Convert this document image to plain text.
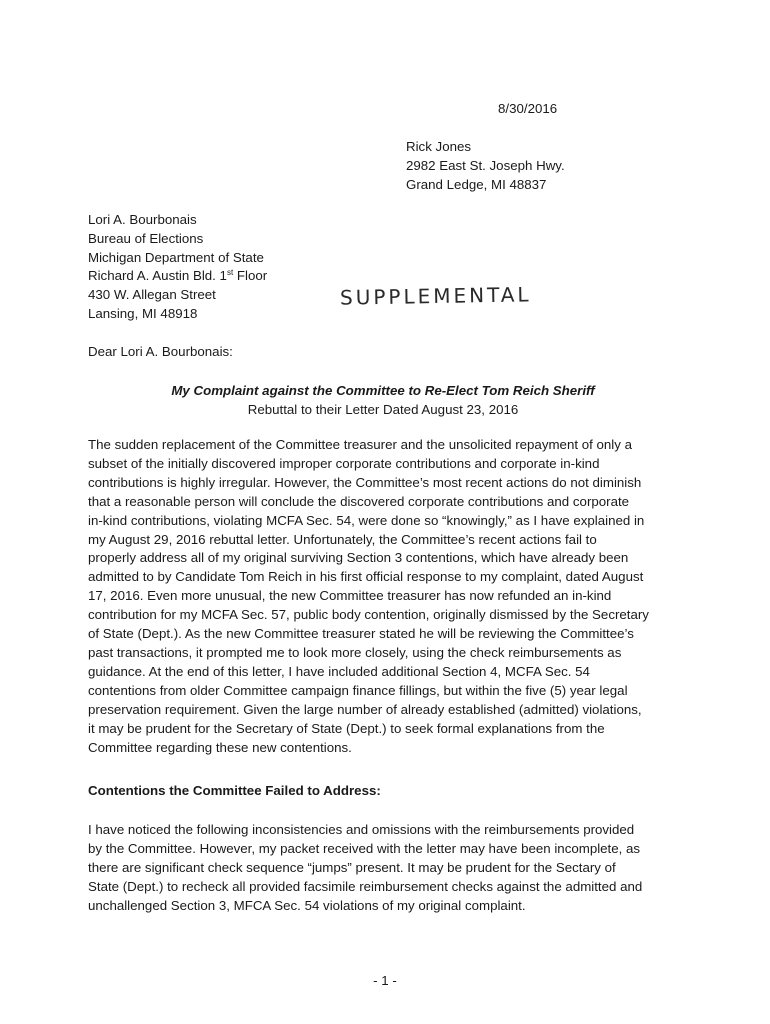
8/30/2016
Rick Jones
2982 East St. Joseph Hwy.
Grand Ledge, MI 48837
Lori A. Bourbonais
Bureau of Elections
Michigan Department of State
Richard A. Austin Bld. 1st Floor
430 W. Allegan Street
Lansing, MI 48918
SUPPLEMENTAL
Dear Lori A. Bourbonais:
My Complaint against the Committee to Re-Elect Tom Reich Sheriff
Rebuttal to their Letter Dated August 23, 2016
The sudden replacement of the Committee treasurer and the unsolicited repayment of only a
subset of the initially discovered improper corporate contributions and corporate in-kind
contributions is highly irregular. However, the Committee’s most recent actions do not diminish
that a reasonable person will conclude the discovered corporate contributions and corporate
in-kind contributions, violating MCFA Sec. 54, were done so “knowingly,” as I have explained in
my August 29, 2016 rebuttal letter. Unfortunately, the Committee’s recent actions fail to
properly address all of my original surviving Section 3 contentions, which have already been
admitted to by Candidate Tom Reich in his first official response to my complaint, dated August
17, 2016. Even more unusual, the new Committee treasurer has now refunded an in-kind
contribution for my MCFA Sec. 57, public body contention, originally dismissed by the Secretary
of State (Dept.). As the new Committee treasurer stated he will be reviewing the Committee’s
past transactions, it prompted me to look more closely, using the check reimbursements as
guidance. At the end of this letter, I have included additional Section 4, MCFA Sec. 54
contentions from older Committee campaign finance fillings, but within the five (5) year legal
preservation requirement. Given the large number of already established (admitted) violations,
it may be prudent for the Secretary of State (Dept.) to seek formal explanations from the
Committee regarding these new contentions.
Contentions the Committee Failed to Address:
I have noticed the following inconsistencies and omissions with the reimbursements provided
by the Committee. However, my packet received with the letter may have been incomplete, as
there are significant check sequence “jumps” present. It may be prudent for the Sectary of
State (Dept.) to recheck all provided facsimile reimbursement checks against the admitted and
unchallenged Section 3, MFCA Sec. 54 violations of my original complaint.
- 1 -
